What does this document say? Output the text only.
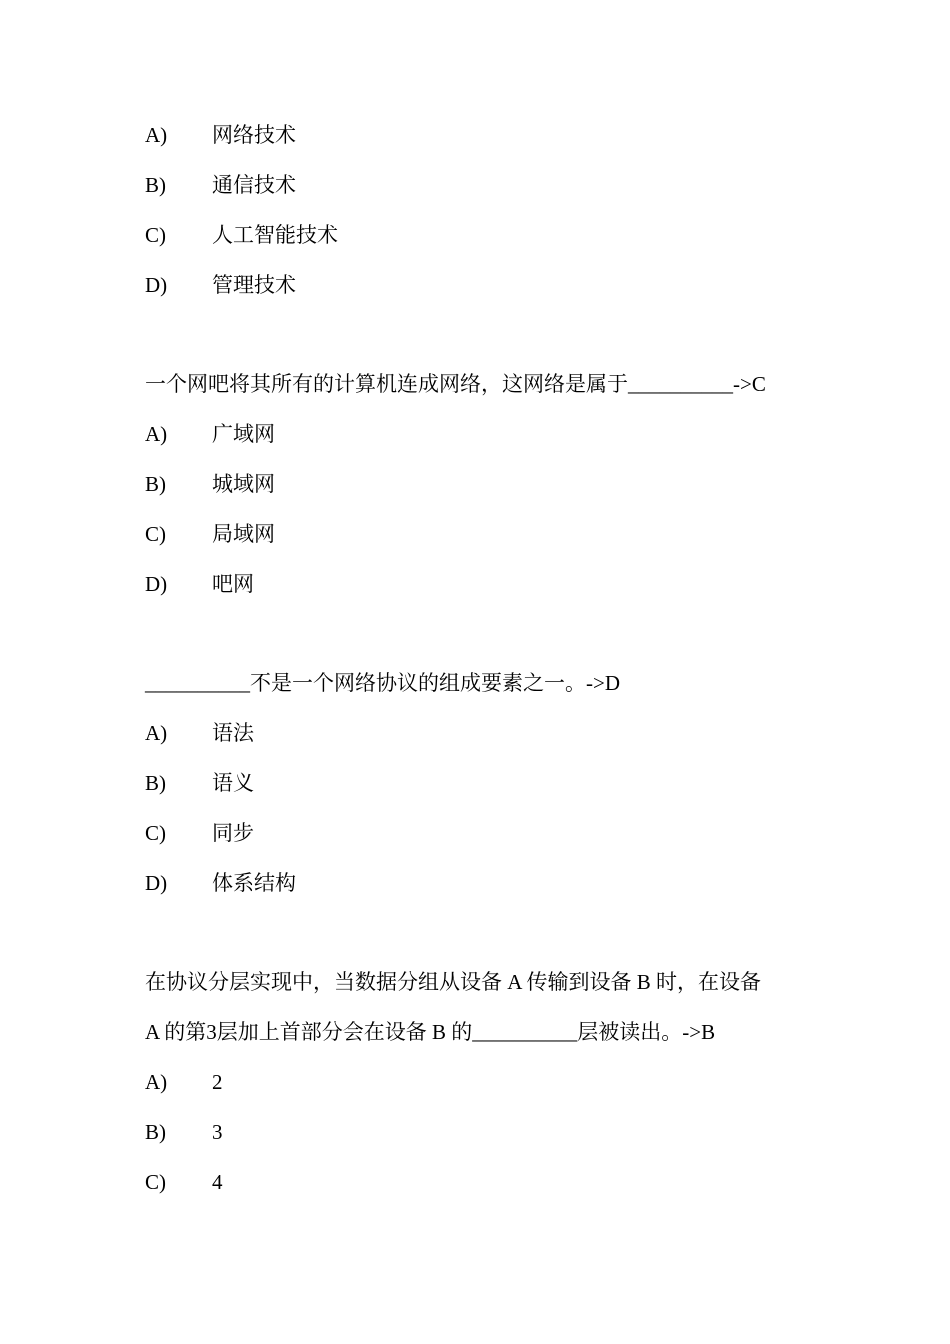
A) 网络技术
B) 通信技术
C) 人工智能技术
D) 管理技术
一个网吧将其所有的计算机连成网络，这网络是属于__________->C
A) 广域网
B) 城域网
C) 局域网
D) 吧网
__________不是一个网络协议的组成要素之一。->D
A) 语法
B) 语义
C) 同步
D) 体系结构
在协议分层实现中，当数据分组从设备 A 传输到设备 B 时，在设备
A 的第3层加上首部分会在设备 B 的__________层被读出。->B
A) 2
B) 3
C) 4
